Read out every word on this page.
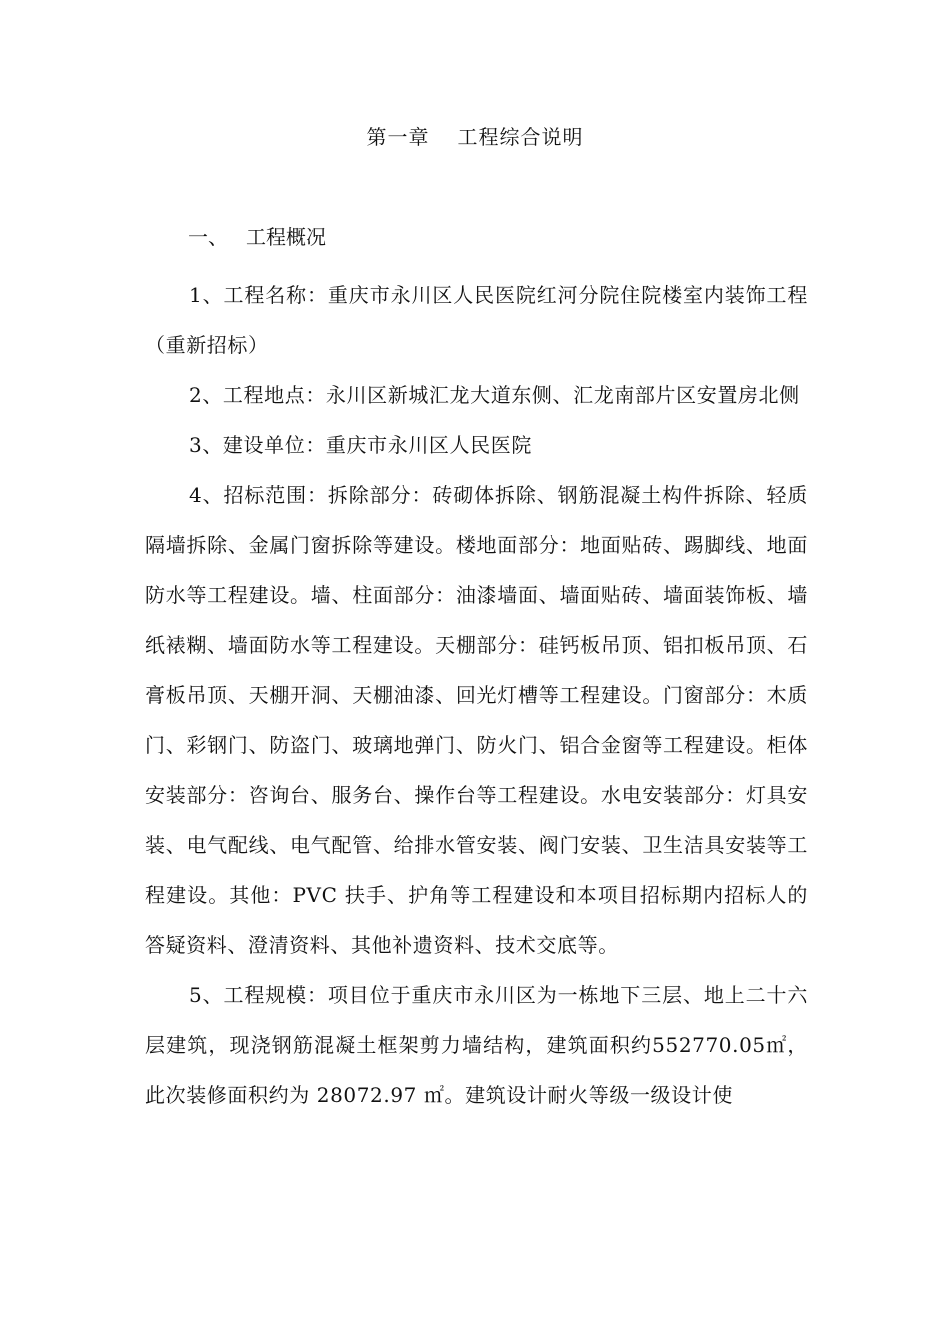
第一章 工程综合说明
一、 工程概况

1、工程名称：重庆市永川区人民医院红河分院住院楼室内装饰工程（重新招标）

2、工程地点：永川区新城汇龙大道东侧、汇龙南部片区安置房北侧

3、建设单位：重庆市永川区人民医院

4、招标范围：拆除部分：砖砌体拆除、钢筋混凝土构件拆除、轻质隔墙拆除、金属门窗拆除等建设。楼地面部分：地面贴砖、踢脚线、地面防水等工程建设。墙、柱面部分：油漆墙面、墙面贴砖、墙面装饰板、墙纸裱糊、墙面防水等工程建设。天棚部分：硅钙板吊顶、铝扣板吊顶、石膏板吊顶、天棚开洞、天棚油漆、回光灯槽等工程建设。门窗部分：木质门、彩钢门、防盗门、玻璃地弹门、防火门、铝合金窗等工程建设。柜体安装部分：咨询台、服务台、操作台等工程建设。水电安装部分：灯具安装、电气配线、电气配管、给排水管安装、阀门安装、卫生洁具安装等工程建设。其他：PVC 扶手、护角等工程建设和本项目招标期内招标人的答疑资料、澄清资料、其他补遗资料、技术交底等。

5、工程规模：项目位于重庆市永川区为一栋地下三层、地上二十六层建筑，现浇钢筋混凝土框架剪力墙结构，建筑面积约552770.05㎡，此次装修面积约为 28072.97 ㎡。建筑设计耐火等级一级设计使
